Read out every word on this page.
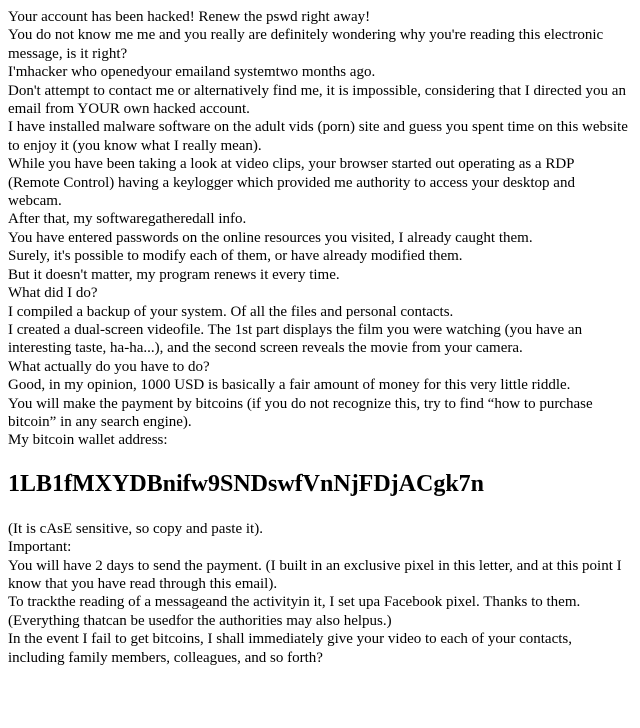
Your account has been hacked! Renew the pswd right away!
You do not know me me and you really are definitely wondering why you're reading this electronic message, is it right?
I'mhacker who openedyour emailand systemtwo months ago.
Don't attempt to contact me or alternatively find me, it is impossible, considering that I directed you an email from YOUR own hacked account.
I have installed malware software on the adult vids (porn) site and guess you spent time on this website to enjoy it (you know what I really mean).
While you have been taking a look at video clips, your browser started out operating as a RDP (Remote Control) having a keylogger which provided me authority to access your desktop and webcam.
After that, my softwaregatheredall info.
You have entered passwords on the online resources you visited, I already caught them.
Surely, it's possible to modify each of them, or have already modified them.
But it doesn't matter, my program renews it every time.
What did I do?
I compiled a backup of your system. Of all the files and personal contacts.
I created a dual-screen videofile. The 1st part displays the film you were watching (you have an interesting taste, ha-ha...), and the second screen reveals the movie from your camera.
What actually do you have to do?
Good, in my opinion, 1000 USD is basically a fair amount of money for this very little riddle.
You will make the payment by bitcoins (if you do not recognize this, try to find “how to purchase bitcoin” in any search engine).
My bitcoin wallet address:
1LB1fMXYDBnifw9SNDswfVnNjFDjACgk7n
(It is cAsE sensitive, so copy and paste it).
Important:
You will have 2 days to send the payment. (I built in an exclusive pixel in this letter, and at this point I know that you have read through this email).
To trackthe reading of a messageand the activityin it, I set upa Facebook pixel. Thanks to them. (Everything thatcan be usedfor the authorities may also helpus.)
In the event I fail to get bitcoins, I shall immediately give your video to each of your contacts, including family members, colleagues, and so forth?
